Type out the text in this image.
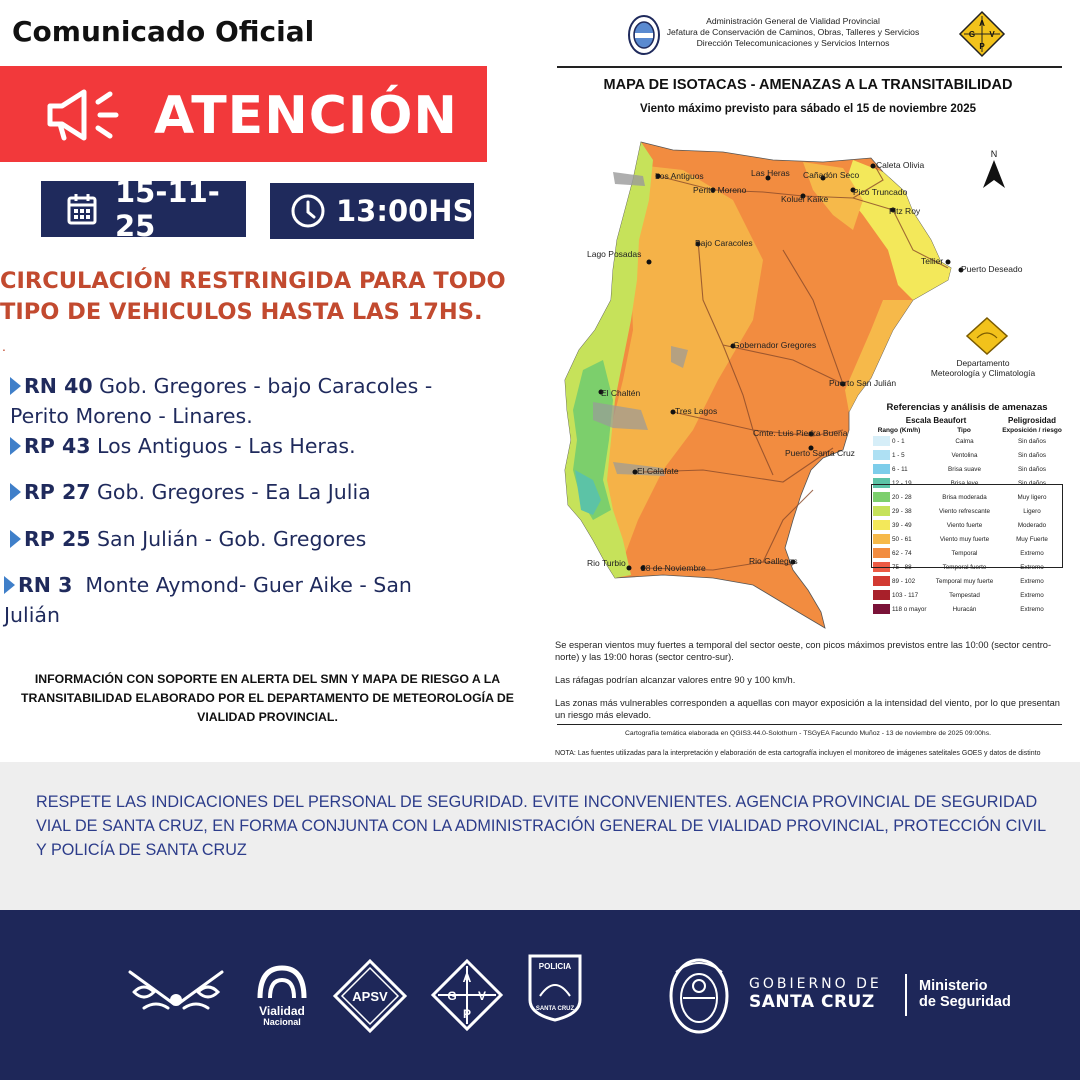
Comunicado Oficial
ATENCIÓN
15-11-25	13:00HS
CIRCULACIÓN RESTRINGIDA PARA TODO TIPO DE VEHICULOS HASTA LAS 17HS.
.
RN 40 Gob. Gregores - bajo Caracoles - Perito Moreno - Linares.
RP 43 Los Antiguos - Las Heras.
RP 27 Gob. Gregores - Ea La Julia
RP 25 San Julián - Gob. Gregores
RN 3 Monte Aymond- Guer Aike - San Julián
INFORMACIÓN CON SOPORTE EN ALERTA DEL SMN Y MAPA DE RIESGO A LA TRANSITABILIDAD ELABORADO POR EL DEPARTAMENTO DE METEOROLOGÍA DE VIALIDAD PROVINCIAL.
Administración General de Vialidad Provincial
Jefatura de Conservación de Caminos, Obras, Talleres y Servicios
Dirección Telecomunicaciones y Servicios Internos
A
G V
P
MAPA DE ISOTACAS - AMENAZAS A LA TRANSITABILIDAD
Viento máximo previsto para sábado el 15 de noviembre 2025
Los Antiguos
Perito Moreno
Las Heras Cañadón Seco
Caleta Olivia
Koluel Kaike
Pico Truncado
Fitz Roy
Bajo Caracoles
Lago Posadas
Tellier
Puerto Deseado
Gobernador Gregores
Puerto San Julián
El Chaltén
Tres Lagos
Cmte. Luis Piedra Buena
Puerto Santa Cruz
El Calafate
Rio Turbio 28 de Noviembre
Rio Gallegos
N
Departamento
Meteorología y Climatología
Referencias y análisis de amenazas
Escala Beaufort	Peligrosidad
Rango (Km/h)	Tipo	Exposición / riesgo
0 - 1	Calma	Sin daños
1 - 5	Ventolina	Sin daños
6 - 11	Brisa suave	Sin daños
12 - 19	Brisa leve	Sin daños
20 - 28	Brisa moderada	Muy ligero
29 - 38	Viento refrescante	Ligero
39 - 49	Viento fuerte	Moderado
50 - 61	Viento muy fuerte	Muy Fuerte
62 - 74	Temporal	Extremo
75 - 88	Temporal fuerte	Extremo
89 - 102	Temporal muy fuerte	Extremo
103 - 117	Tempestad	Extremo
118 o mayor	Huracán	Extremo

Se esperan vientos muy fuertes a temporal del sector oeste, con picos máximos previstos entre las 10:00 (sector centro-norte) y las 19:00 horas (sector centro-sur).

Las ráfagas podrían alcanzar valores entre 90 y 100 km/h.

Las zonas más vulnerables corresponden a aquellas con mayor exposición a la intensidad del viento, por lo que presentan un riesgo más elevado.

Cartografía temática elaborada en QGIS3.44.0-Solothurn - TSGyEA Facundo Muñoz - 13 de noviembre de 2025 09:00hs.
NOTA: Las fuentes utilizadas para la interpretación y elaboración de esta cartografía incluyen el monitoreo de imágenes satelitales GOES y datos de distinto
RESPETE LAS INDICACIONES DEL PERSONAL DE SEGURIDAD. EVITE INCONVENIENTES. AGENCIA PROVINCIAL DE SEGURIDAD VIAL DE SANTA CRUZ, EN FORMA CONJUNTA CON LA ADMINISTRACIÓN GENERAL DE VIALIDAD PROVINCIAL, PROTECCIÓN CIVIL Y POLICÍA DE SANTA CRUZ
Vialidad
Nacional
APSV
A
G V
P
POLICIA
SANTA CRUZ
GOBIERNO DE
SANTA CRUZ
Ministerio
de Seguridad
